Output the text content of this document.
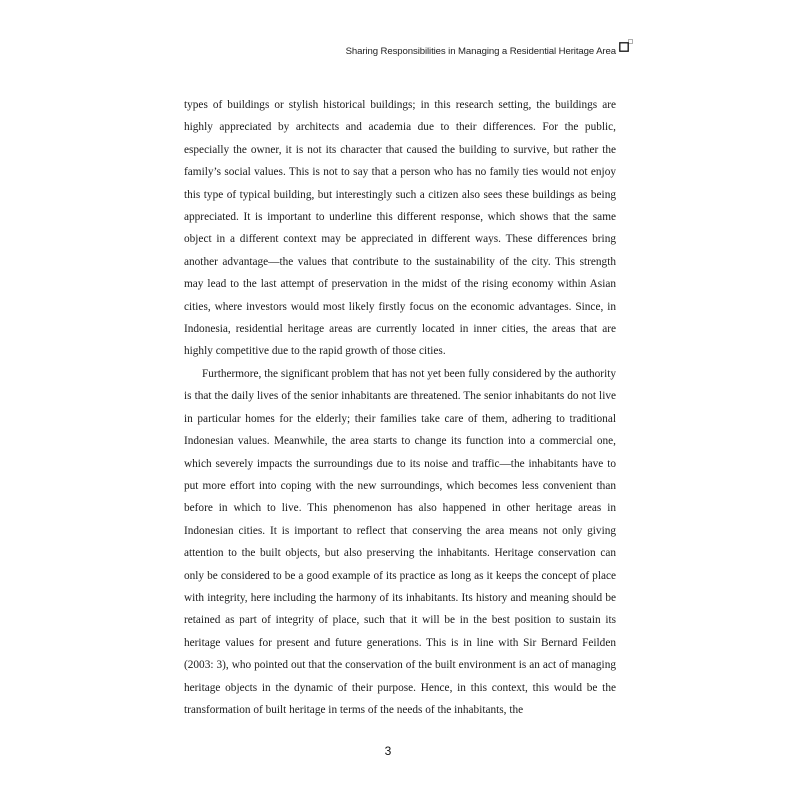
Sharing Responsibilities in Managing a Residential Heritage Area

types of buildings or stylish historical buildings; in this research setting, the buildings are highly appreciated by architects and academia due to their differences. For the public, especially the owner, it is not its character that caused the building to survive, but rather the family’s social values. This is not to say that a person who has no family ties would not enjoy this type of typical building, but interestingly such a citizen also sees these buildings as being appreciated. It is important to underline this different response, which shows that the same object in a different context may be appreciated in different ways. These differences bring another advantage—the values that contribute to the sustainability of the city. This strength may lead to the last attempt of preservation in the midst of the rising economy within Asian cities, where investors would most likely firstly focus on the economic advantages. Since, in Indonesia, residential heritage areas are currently located in inner cities, the areas that are highly competitive due to the rapid growth of those cities.

Furthermore, the significant problem that has not yet been fully considered by the authority is that the daily lives of the senior inhabitants are threatened. The senior inhabitants do not live in particular homes for the elderly; their families take care of them, adhering to traditional Indonesian values. Meanwhile, the area starts to change its function into a commercial one, which severely impacts the surroundings due to its noise and traffic—the inhabitants have to put more effort into coping with the new surroundings, which becomes less convenient than before in which to live. This phenomenon has also happened in other heritage areas in Indonesian cities. It is important to reflect that conserving the area means not only giving attention to the built objects, but also preserving the inhabitants. Heritage conservation can only be considered to be a good example of its practice as long as it keeps the concept of place with integrity, here including the harmony of its inhabitants. Its history and meaning should be retained as part of integrity of place, such that it will be in the best position to sustain its heritage values for present and future generations. This is in line with Sir Bernard Feilden (2003: 3), who pointed out that the conservation of the built environment is an act of managing heritage objects in the dynamic of their purpose. Hence, in this context, this would be the transformation of built heritage in terms of the needs of the inhabitants, the

3
